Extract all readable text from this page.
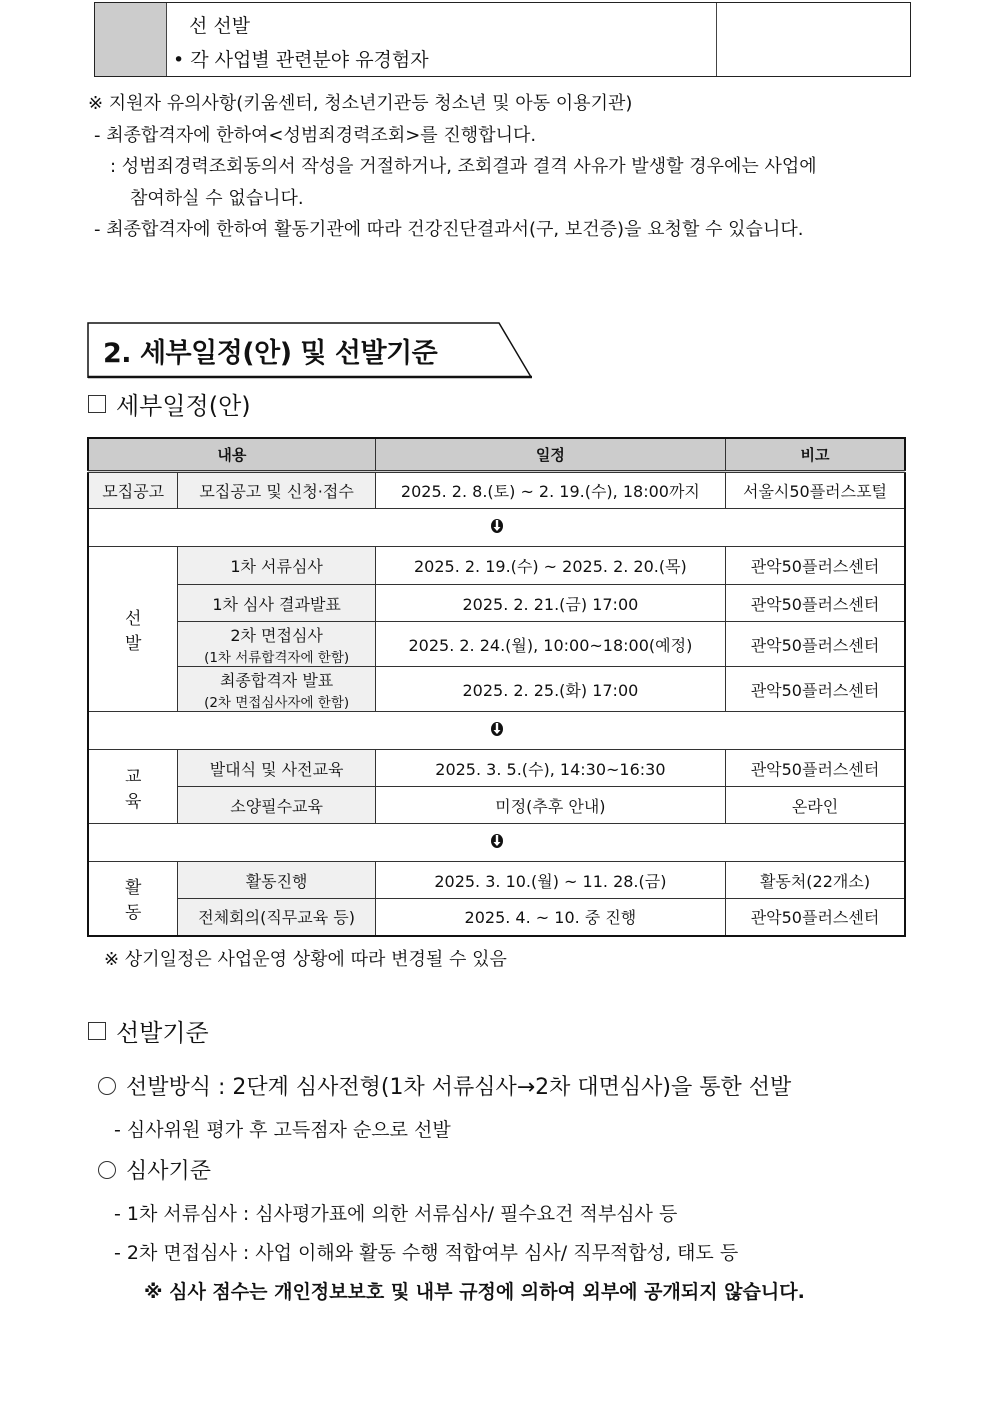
선 선발
• 각 사업별 관련분야 유경험자
※ 지원자 유의사항(키움센터, 청소년기관등 청소년 및 아동 이용기관)
- 최종합격자에 한하여<성범죄경력조회>를 진행합니다.
: 성범죄경력조회동의서 작성을 거절하거나, 조회결과 결격 사유가 발생할 경우에는 사업에
참여하실 수 없습니다.
- 최종합격자에 한하여 활동기관에 따라 건강진단결과서(구, 보건증)을 요청할 수 있습니다.
2. 세부일정(안) 및 선발기준
세부일정(안)
내용		일정	비고
모집공고	모집공고 및 신청·접수	2025. 2. 8.(토) ~ 2. 19.(수), 18:00까지	서울시50플러스포털

선발	1차 서류심사	2025. 2. 19.(수) ~ 2025. 2. 20.(목)	관악50플러스센터
	1차 심사 결과발표	2025. 2. 21.(금) 17:00	관악50플러스센터
	2차 면접심사
(1차 서류합격자에 한함)	2025. 2. 24.(월), 10:00~18:00(예정)	관악50플러스센터
	최종합격자 발표
(2차 면접심사자에 한함)	2025. 2. 25.(화) 17:00	관악50플러스센터

교육	발대식 및 사전교육	2025. 3. 5.(수), 14:30~16:30	관악50플러스센터
	소양필수교육	미정(추후 안내)	온라인

활동	활동진행	2025. 3. 10.(월) ~ 11. 28.(금)	활동처(22개소)
	전체회의(직무교육 등)	2025. 4. ~ 10. 중 진행	관악50플러스센터
※ 상기일정은 사업운영 상황에 따라 변경될 수 있음
선발기준
선발방식 : 2단계 심사전형(1차 서류심사→2차 대면심사)을 통한 선발
- 심사위원 평가 후 고득점자 순으로 선발
심사기준
- 1차 서류심사 : 심사평가표에 의한 서류심사/ 필수요건 적부심사 등
- 2차 면접심사 : 사업 이해와 활동 수행 적합여부 심사/ 직무적합성, 태도 등
※ 심사 점수는 개인정보보호 및 내부 규정에 의하여 외부에 공개되지 않습니다.
